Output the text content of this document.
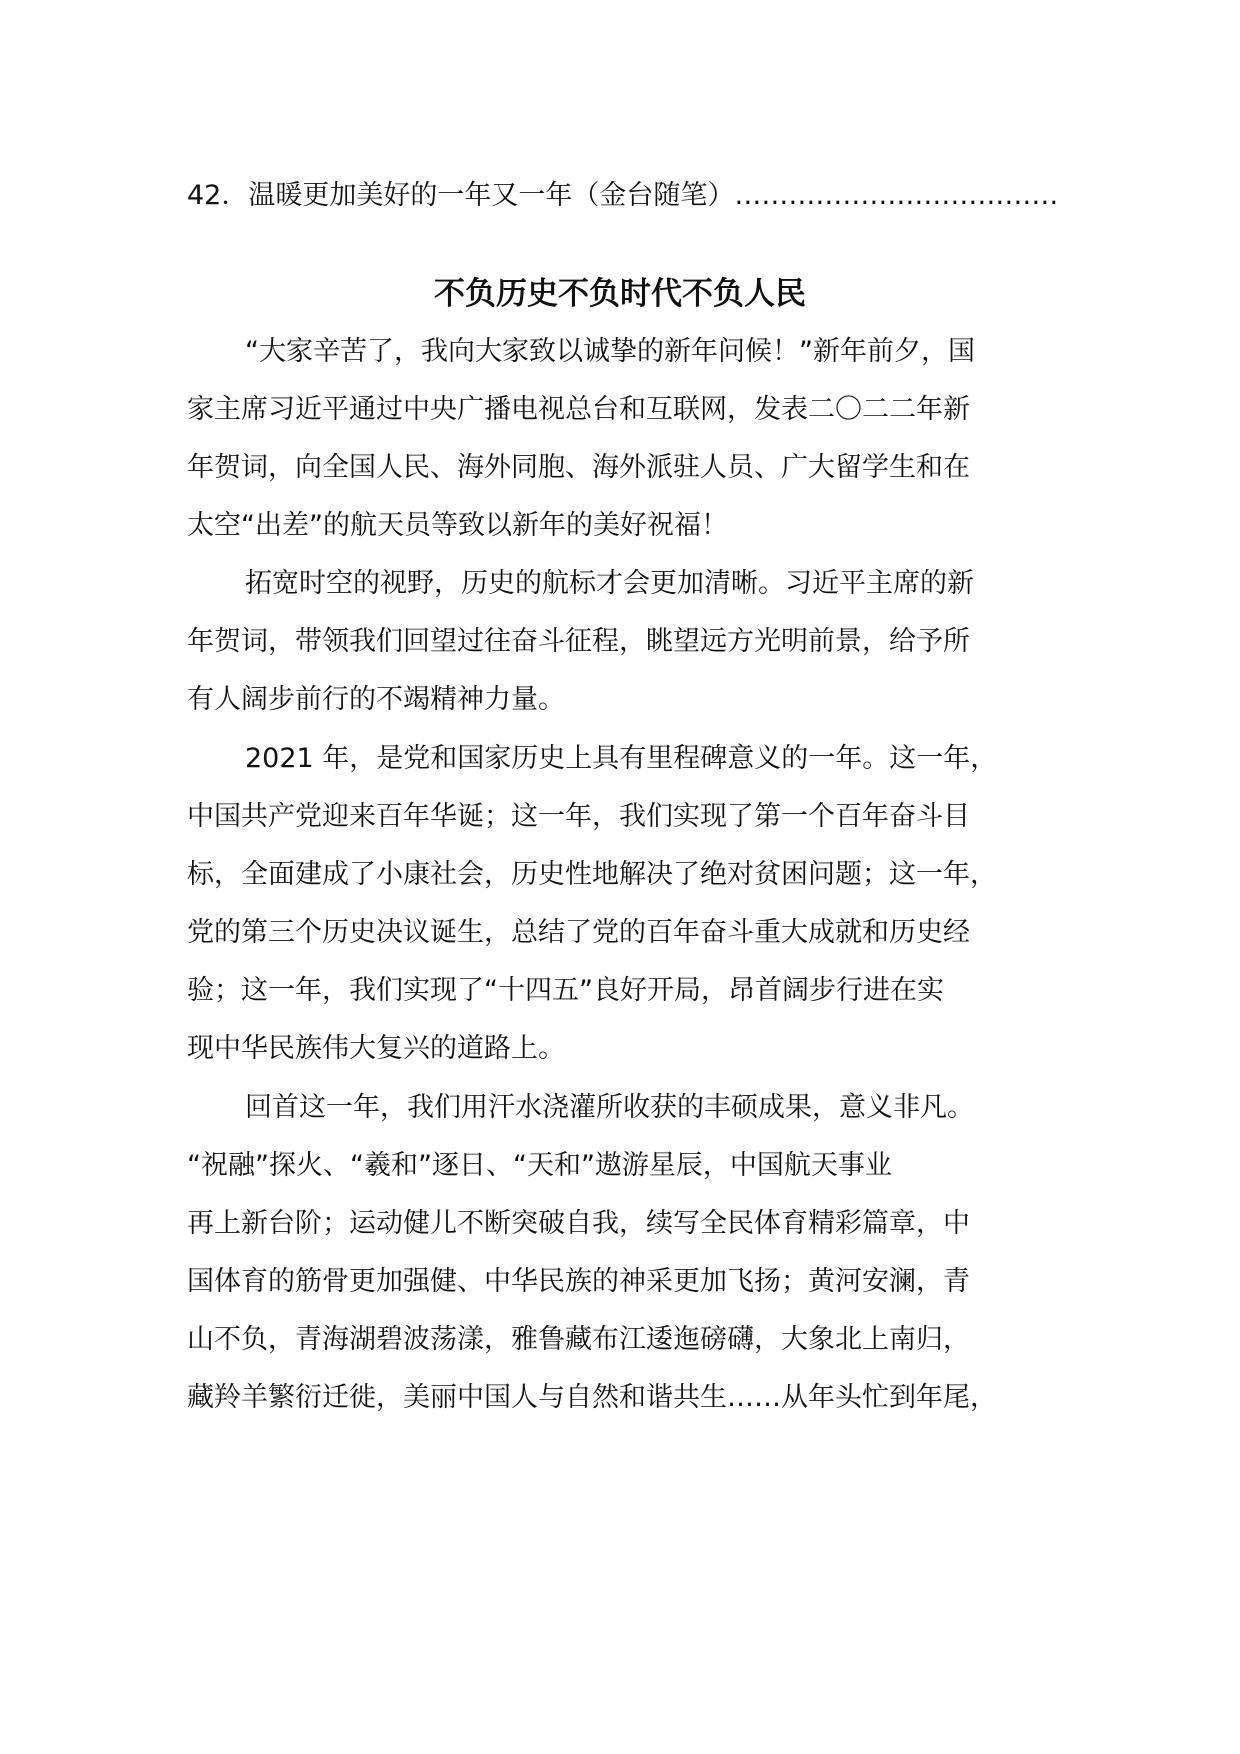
42．温暖更加美好的一年又一年（金台随笔）………………………………
不负历史不负时代不负人民
“大家辛苦了，我向大家致以诚挚的新年问候！”新年前夕，国
家主席习近平通过中央广播电视总台和互联网，发表二〇二二年新
年贺词，向全国人民、海外同胞、海外派驻人员、广大留学生和在
太空“出差”的航天员等致以新年的美好祝福！
拓宽时空的视野，历史的航标才会更加清晰。习近平主席的新
年贺词，带领我们回望过往奋斗征程，眺望远方光明前景，给予所
有人阔步前行的不竭精神力量。
2021 年，是党和国家历史上具有里程碑意义的一年。这一年，
中国共产党迎来百年华诞；这一年，我们实现了第一个百年奋斗目
标，全面建成了小康社会，历史性地解决了绝对贫困问题；这一年，
党的第三个历史决议诞生，总结了党的百年奋斗重大成就和历史经
验；这一年，我们实现了“十四五”良好开局，昂首阔步行进在实
现中华民族伟大复兴的道路上。
回首这一年，我们用汗水浇灌所收获的丰硕成果，意义非凡。
“祝融”探火、“羲和”逐日、“天和”遨游星辰，中国航天事业
再上新台阶；运动健儿不断突破自我，续写全民体育精彩篇章，中
国体育的筋骨更加强健、中华民族的神采更加飞扬；黄河安澜，青
山不负，青海湖碧波荡漾，雅鲁藏布江逶迤磅礴，大象北上南归，
藏羚羊繁衍迁徙，美丽中国人与自然和谐共生……从年头忙到年尾，
